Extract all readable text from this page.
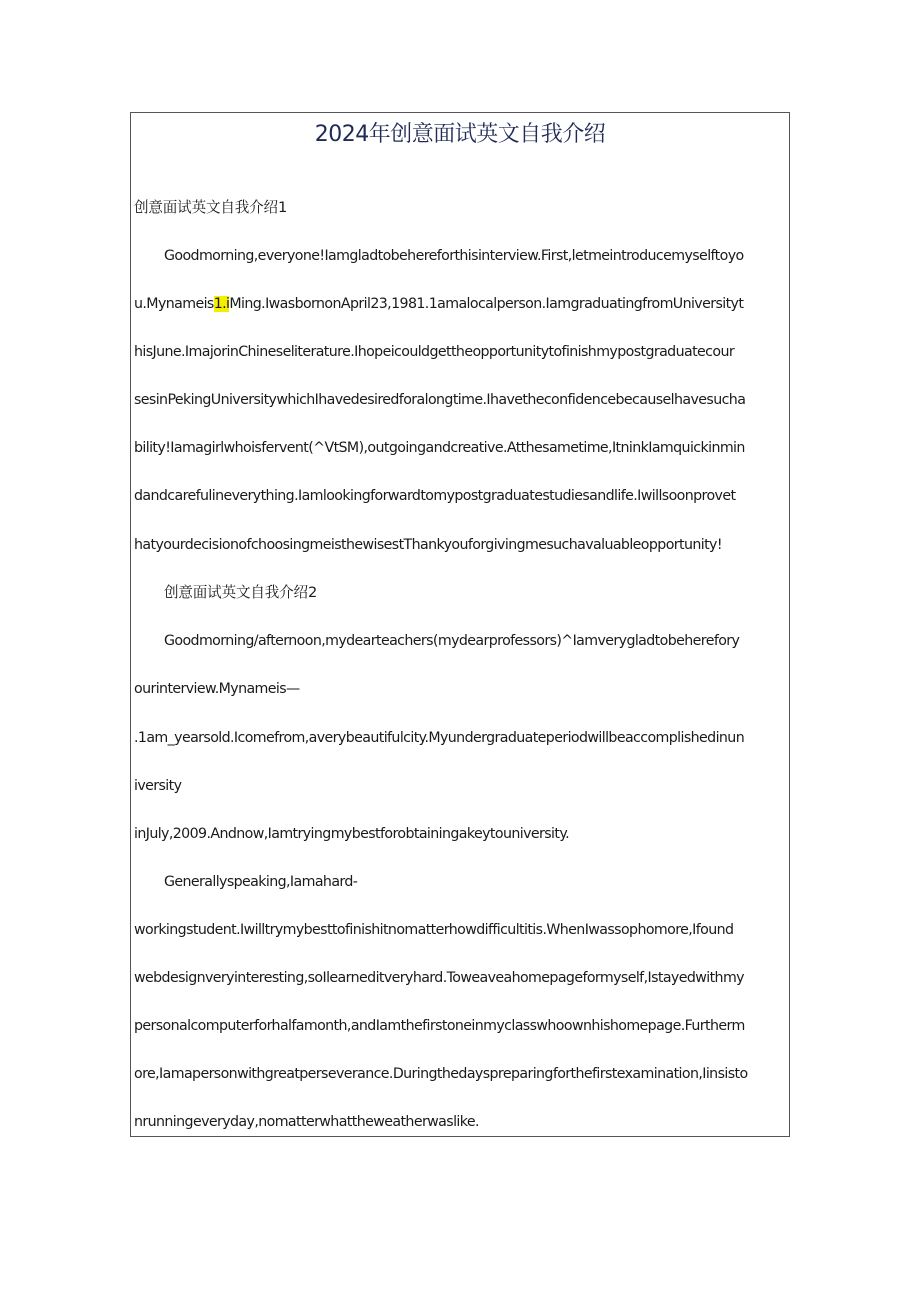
2024年创意面试英文自我介绍
创意面试英文自我介绍1
Goodmorning,everyone!Iamgladtobehereforthisinterview.First,letmeintroducemyselftoyo
u.Mynameis1.iMing.IwasbornonApril23,1981.1amalocalperson.IamgraduatingfromUniversityt
hisJune.ImajorinChineseliterature.Ihopeicouldgettheopportunitytofinishmypostgraduatecour
sesinPekingUniversitywhichIhavedesiredforalongtime.Ihavetheconfidencebecauselhavesucha
bility!Iamagirlwhoisfervent(^VtSM),outgoingandcreative.Atthesametime,ItninkIamquickinmin
dandcarefulineverything.Iamlookingforwardtomypostgraduatestudiesandlife.Iwillsoonprovet
hatyourdecisionofchoosingmeisthewisestThankyouforgivingmesuchavaluableopportunity!
创意面试英文自我介绍2
Goodmorning/afternoon,mydearteachers(mydearprofessors)^Iamverygladtobeherefory
ourinterview.Mynameis—
.1am_yearsold.Icomefrom,averybeautifulcity.Myundergraduateperiodwillbeaccomplishedinun
iversity
inJuly,2009.Andnow,Iamtryingmybestforobtainingakeytouniversity.
Generallyspeaking,Iamahard-
workingstudent.Iwilltrymybesttofinishitnomatterhowdifficultitis.WhenIwassophomore,Ifound
webdesignveryinteresting,soIlearneditveryhard.Toweaveahomepageformyself,Istayedwithmy
personalcomputerforhalfamonth,andIamthefirstoneinmyclasswhoownhishomepage.Furtherm
ore,Iamapersonwithgreatperseverance.Duringthedayspreparingforthefirstexamination,Iinsisto
nrunningeveryday,nomatterwhattheweatherwaslike.
